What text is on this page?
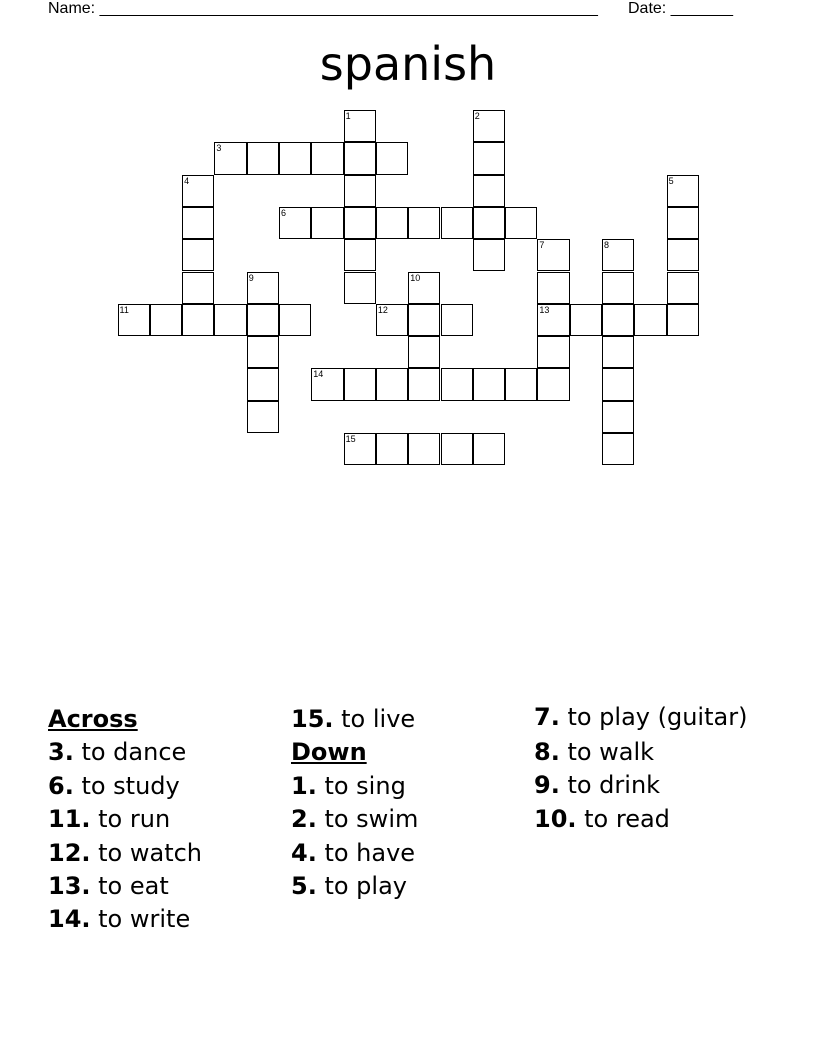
Name: ________________________________________________________ Date: _______
spanish
3
6
11	12	13
14
15
1	2
4	5
7	8
9	10
Across
3. to dance
6. to study
11. to run
12. to watch
13. to eat
14. to write
15. to live
Down
1. to sing
2. to swim
4. to have
5. to play
7. to play (guitar)
8. to walk
9. to drink
10. to read
